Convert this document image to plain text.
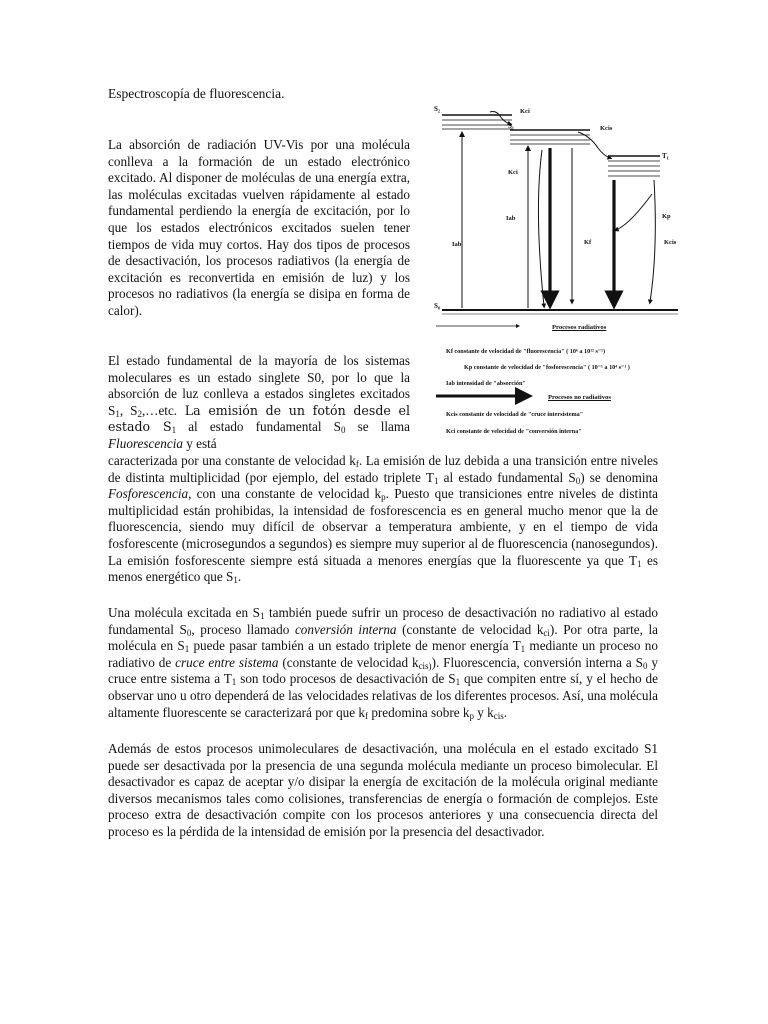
Espectroscopía de fluorescencia.
La absorción de radiación UV-Vis por una molécula conlleva a la formación de un estado electrónico excitado. Al disponer de moléculas de una energía extra, las moléculas excitadas vuelven rápidamente al estado fundamental perdiendo la energía de excitación, por lo que los estados electrónicos excitados suelen tener tiempos de vida muy cortos. Hay dos tipos de procesos de desactivación, los procesos radiativos (la energía de excitación es reconvertida en emisión de luz) y los procesos no radiativos (la energía se disipa en forma de calor).
El estado fundamental de la mayoría de los sistemas moleculares es un estado singlete S0, por lo que la absorción de luz conlleva a estados singletes excitados $S_1$, $S_2,\dots etc$. La emisión de un fotón desde el estado $S_1$ al estado fundamental $S_0$ se llama Fluorescencia y está
caracterizada por una constante de velocidad $k_f$. La emisión de luz debida a una transición entre niveles de distinta multiplicidad (por ejemplo, del estado triplete $T_1$ al estado fundamental $S_0$) se denomina Fosforescencia, con una constante de velocidad $k_p$. Puesto que transiciones entre niveles de distinta multiplicidad están prohibidas, la intensidad de fosforescencia es en general mucho menor que la de fluorescencia, siendo muy difícil de observar a temperatura ambiente, y en el tiempo de vida fosforescente (microsegundos a segundos) es siempre muy superior al de fluorescencia (nanosegundos). La emisión fosforescente siempre está situada a menores energías que la fluorescente ya que $T_1$ es menos energético que $S_1$.
Una molécula excitada en $S_1$ también puede sufrir un proceso de desactivación no radiativo al estado fundamental $S_0$, proceso llamado conversión interna (constante de velocidad $k_{ci}$). Por otra parte, la molécula en $S_1$ puede pasar también a un estado triplete de menor energía $T_1$ mediante un proceso no radiativo de cruce entre sistema (constante de velocidad $k_{cis)}$). Fluorescencia, conversión interna a $S_0$ y cruce entre sistema a $T_1$ son todo procesos de desactivación de $S_1$ que compiten entre sí, y el hecho de observar uno u otro dependerá de las velocidades relativas de los diferentes procesos. Así, una molécula altamente fluorescente se caracterizará por que $k_f$ predomina sobre $k_p$ y $k_{cis}$.
Además de estos procesos unimoleculares de desactivación, una molécula en el estado excitado S1 puede ser desactivada por la presencia de una segunda molécula mediante un proceso bimolecular. El desactivador es capaz de aceptar y/o disipar la energía de excitación de la molécula original mediante diversos mecanismos tales como colisiones, transferencias de energía o formación de complejos. Este proceso extra de desactivación compite con los procesos anteriores y una consecuencia directa del proceso es la pérdida de la intensidad de emisión por la presencia del desactivador.
S₂
S₁
S₀
T₁
Kci
Kcis
Kci
Iab
Iab	Kf
Kp
Kcis
Procesos radiativos
Kf constante de velocidad de "fluorescencia" ( 10⁶ a 10¹² s⁻¹)
Kp constante de velocidad de "fosforescencia" ( 10⁻¹ a 10⁴ s⁻¹ )
Iab intensidad de "absorción"
Procesos no radiativos
Kcis constante de velocidad de "cruce intersistema"
Kci constante de velocidad de "conversión interna"
